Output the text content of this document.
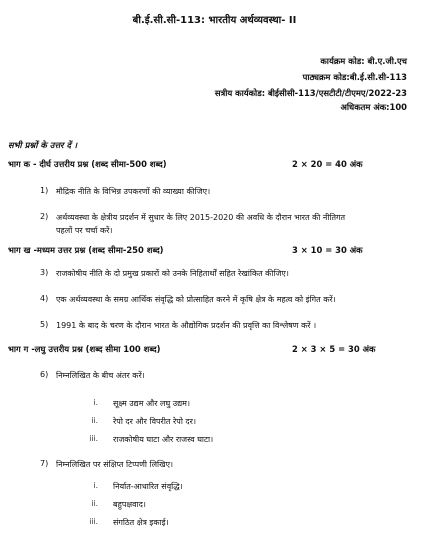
बी.ई.सी.सी-113: भारतीय अर्थव्यवस्था- II
कार्यक्रम कोड: बी.ए.जी.एच
पाठ्यक्रम कोड:बी.ई.सी.सी-113
सत्रीय कार्यकोड: बीईसीसी-113/एसटीटी/टीएमए/2022-23
अधिकतम अंक:100
सभी प्रश्नों के उत्तर दें ।
भाग क - दीर्घ उत्तरीय प्रश्न (शब्द सीमा-500 शब्द)	2 × 20 = 40 अंक
1) मौद्रिक नीति के विभिन्न उपकरणों की व्याख्या कीजिए।
2) अर्थव्यवस्था के क्षेत्रीय प्रदर्शन में सुधार के लिए 2015-2020 की अवधि के दौरान भारत की नीतिगत
पहलों पर चर्चा करें।
भाग ख -मध्यम उत्तर प्रश्न (शब्द सीमा-250 शब्द)	3 × 10 = 30 अंक
3) राजकोषीय नीति के दो प्रमुख प्रकारों को उनके निहितार्थों सहित रेखांकित कीजिए।
4) एक अर्थव्यवस्था के समग्र आर्थिक संवृद्धि को प्रोत्साहित करने में कृषि क्षेत्र के महत्व को इंगित करें।
5) 1991 के बाद के चरण के दौरान भारत के औद्योगिक प्रदर्शन की प्रवृत्ति का विश्लेषण करें ।
भाग ग -लघु उत्तरीय प्रश्न (शब्द सीमा 100 शब्द)	2 × 3 × 5 = 30 अंक
6) निम्नलिखित के बीच अंतर करें।
i. सूक्ष्म उद्यम और लघु उद्यम।
ii. रेपो दर और विपरीत रेपो दर।
iii. राजकोषीय घाटा और राजस्व घाटा।
7) निम्नलिखित पर संक्षिप्त टिप्पणी लिखिए।
i. निर्यात-आधारित संवृद्धि।
ii. बहुपक्षवाद।
iii. संगठित क्षेत्र इकाई।
